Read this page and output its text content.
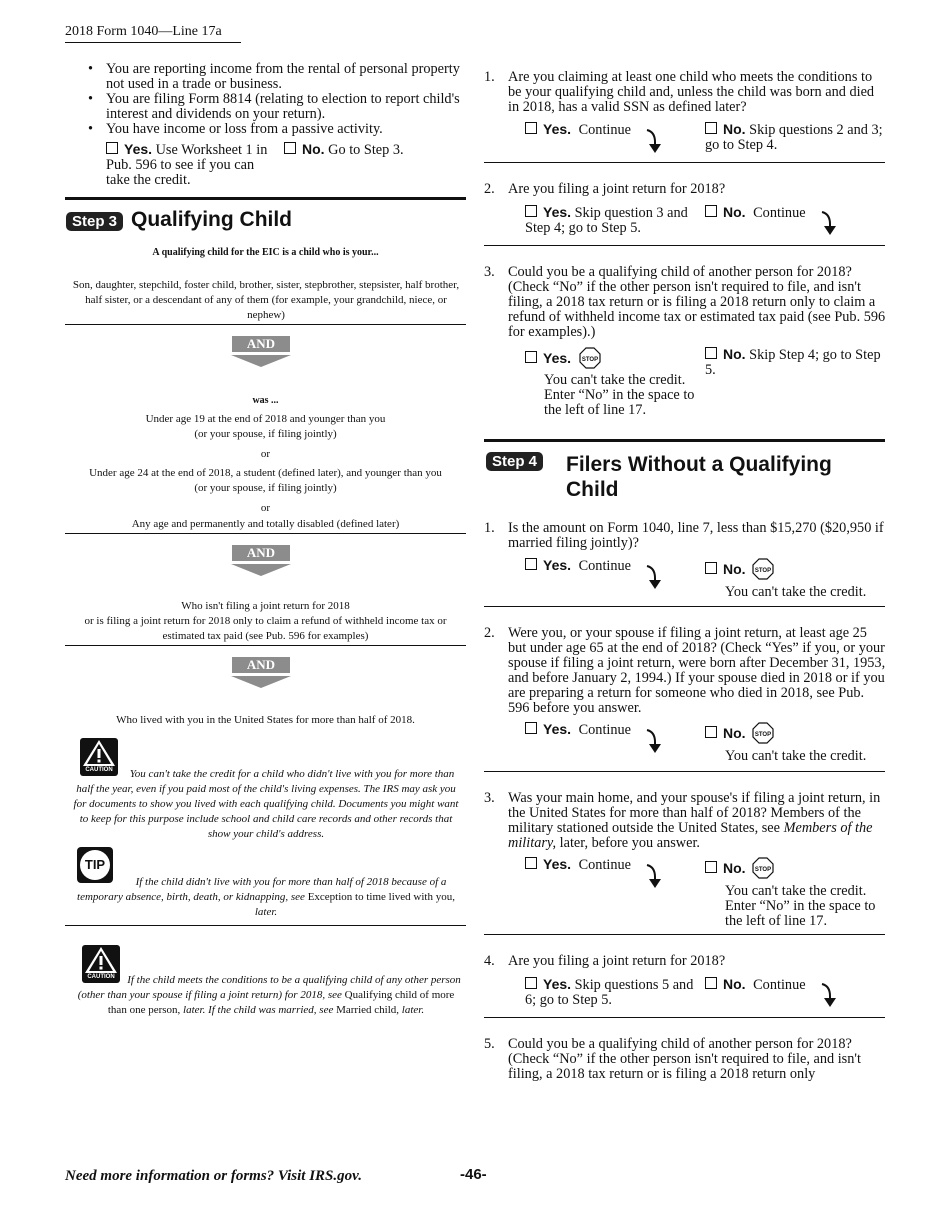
2018 Form 1040—Line 17a
• You are reporting income from the rental of personal property not used in a trade or business.
• You are filing Form 8814 (relating to election to report child's interest and dividends on your return).
• You have income or loss from a passive activity.
Yes. Use Worksheet 1 in Pub. 596 to see if you can take the credit.
No. Go to Step 3.
Step 3 Qualifying Child
A qualifying child for the EIC is a child who is your...
Son, daughter, stepchild, foster child, brother, sister, stepbrother, stepsister, half brother, half sister, or a descendant of any of them (for example, your grandchild, niece, or nephew)
AND
was ...
Under age 19 at the end of 2018 and younger than you
(or your spouse, if filing jointly)
or
Under age 24 at the end of 2018, a student (defined later), and younger than you
(or your spouse, if filing jointly)
or
Any age and permanently and totally disabled (defined later)
AND
Who isn't filing a joint return for 2018
or is filing a joint return for 2018 only to claim a refund of withheld income tax or estimated tax paid (see Pub. 596 for examples)
AND
Who lived with you in the United States for more than half of 2018.
CAUTION	You can't take the credit for a child who didn't live with you for more than half the year, even if you paid most of the child's living expenses. The IRS may ask you for documents to show you lived with each qualifying child. Documents you might want to keep for this purpose include school and child care records and other records that show your child's address.
TIP
If the child didn't live with you for more than half of 2018 because of a temporary absence, birth, death, or kidnapping, see Exception to time lived with you, later.
CAUTION	If the child meets the conditions to be a qualifying child of any other person (other than your spouse if filing a joint return) for 2018, see Qualifying child of more than one person, later. If the child was married, see Married child, later.
1. Are you claiming at least one child who meets the conditions to be your qualifying child and, unless the child was born and died in 2018, has a valid SSN as defined later?
Yes. Continue	No. Skip questions 2 and 3; go to Step 4.
2. Are you filing a joint return for 2018?
Yes. Skip question 3 and Step 4; go to Step 5.
No. Continue
3. Could you be a qualifying child of another person for 2018? (Check “No” if the other person isn't required to file, and isn't filing, a 2018 tax return or is filing a 2018 return only to claim a refund of withheld income tax or estimated tax paid (see Pub. 596 for examples).)
Yes. STOP
You can't take the credit. Enter “No” in the space to the left of line 17.
No. Skip Step 4; go to Step 5.
Step 4 Filers Without a Qualifying
Child
1. Is the amount on Form 1040, line 7, less than $15,270 ($20,950 if married filing jointly)?
Yes. Continue	No. STOP
You can't take the credit.
2. Were you, or your spouse if filing a joint return, at least age 25 but under age 65 at the end of 2018? (Check “Yes” if you, or your spouse if filing a joint return, were born after December 31, 1953, and before January 2, 1994.) If your spouse died in 2018 or if you are preparing a return for someone who died in 2018, see Pub. 596 before you answer.
Yes. Continue	No. STOP
You can't take the credit.
3. Was your main home, and your spouse's if filing a joint return, in the United States for more than half of 2018? Members of the military stationed outside the United States, see Members of the military, later, before you answer.
Yes. Continue	No. STOP
You can't take the credit. Enter “No” in the space to the left of line 17.
4. Are you filing a joint return for 2018?
Yes. Skip questions 5 and 6; go to Step 5.
No. Continue
5. Could you be a qualifying child of another person for 2018? (Check “No” if the other person isn't required to file, and isn't filing, a 2018 tax return or is filing a 2018 return only
Need more information or forms? Visit IRS.gov.	-46-
